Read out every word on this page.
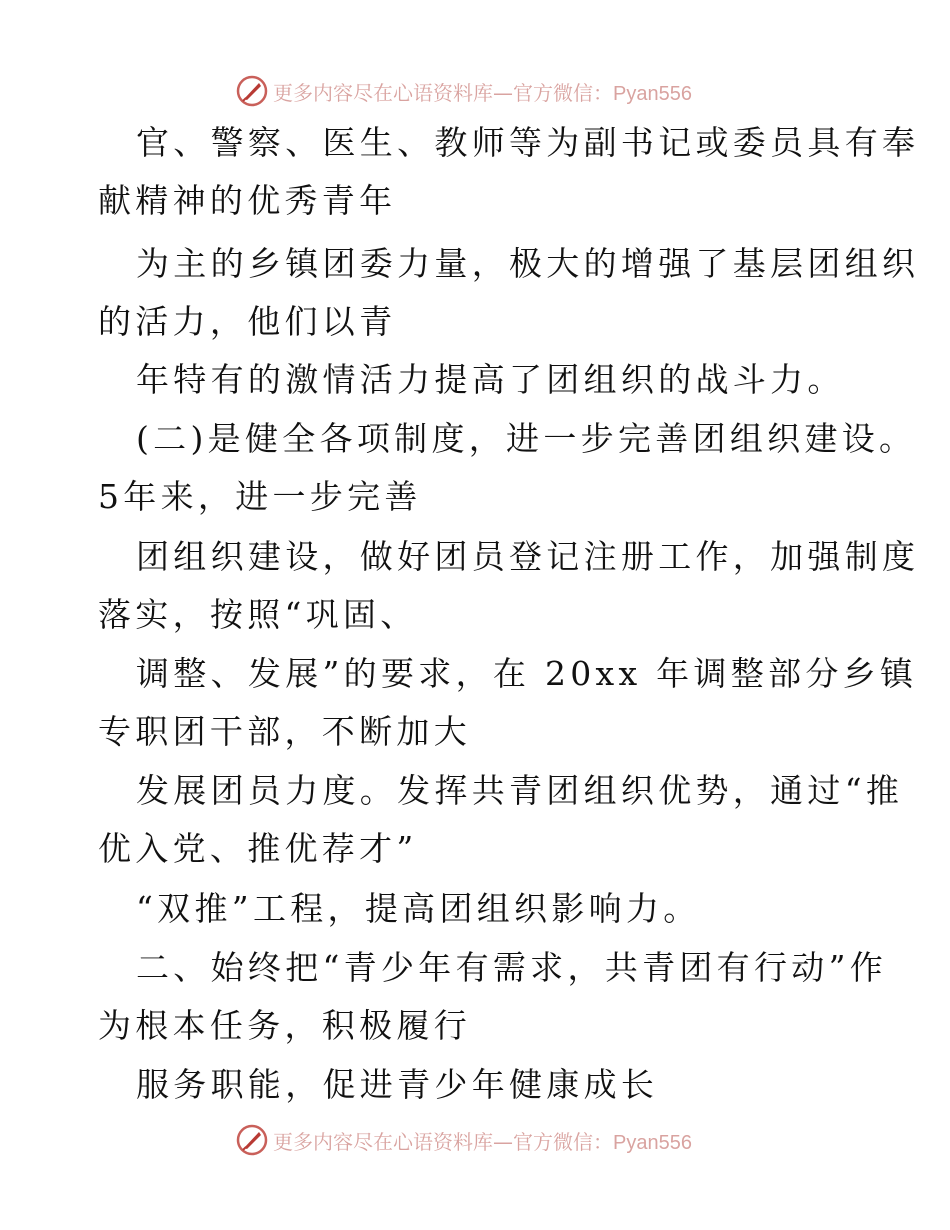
更多内容尽在心语资料库—官方微信：Pyan556
官、警察、医生、教师等为副书记或委员具有奉
献精神的优秀青年
为主的乡镇团委力量，极大的增强了基层团组织
的活力，他们以青
年特有的激情活力提高了团组织的战斗力。
(二)是健全各项制度，进一步完善团组织建设。
5年来，进一步完善
团组织建设，做好团员登记注册工作，加强制度
落实，按照“巩固、
调整、发展”的要求，在 20xx 年调整部分乡镇
专职团干部，不断加大
发展团员力度。发挥共青团组织优势，通过“推
优入党、推优荐才”
“双推”工程，提高团组织影响力。
二、始终把“青少年有需求，共青团有行动”作
为根本任务，积极履行
服务职能，促进青少年健康成长
更多内容尽在心语资料库—官方微信：Pyan556
